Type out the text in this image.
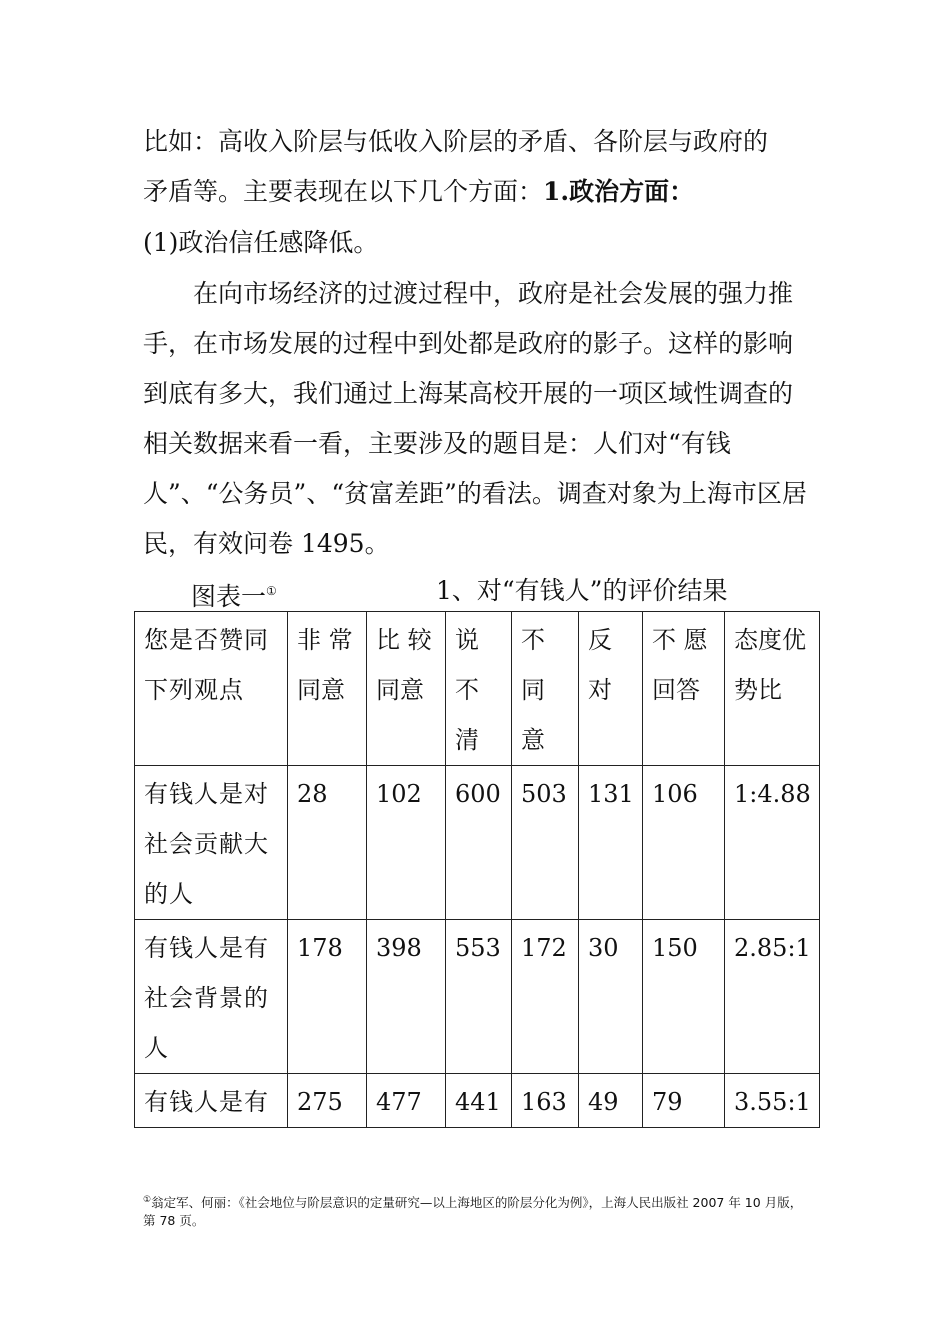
比如：高收入阶层与低收入阶层的矛盾、各阶层与政府的
矛盾等。主要表现在以下几个方面：1.政治方面：

(1)政治信任感降低。

在向市场经济的过渡过程中，政府是社会发展的强力推手，在市场发展的过程中到处都是政府的影子。这样的影响到底有多大，我们通过上海某高校开展的一项区域性调查的相关数据来看一看，主要涉及的题目是：人们对“有钱人”、“公务员”、“贫富差距”的看法。调查对象为上海市区居民，有效问卷 1495。

图表一①	1、对“有钱人”的评价结果
您是否赞同下列观点	非 常 同意	比 较 同意	说 不 清	不 同 意	反 对	不 愿 回答	态度优势比
有钱人是对社会贡献大的人	28	102	600	503	131	106	1:4.88
有钱人是有社会背景的人	178	398	553	172	30	150	2.85:1
有钱人是有	275	477	441	163	49	79	3.55:1
①翁定军、何丽：《社会地位与阶层意识的定量研究—以上海地区的阶层分化为例》，上海人民出版社 2007 年 10 月版，第 78 页。
